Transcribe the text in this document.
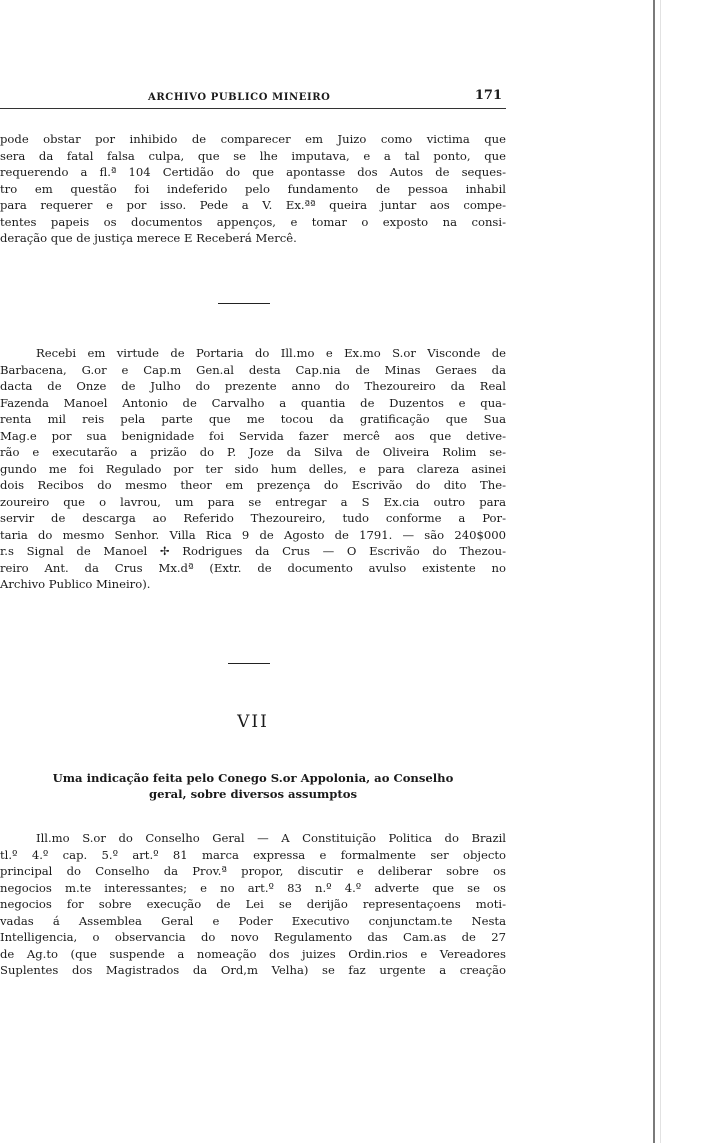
ARCHIVO PUBLICO MINEIRO	171
pode obstar por inhibido de comparecer em Juizo como victima que
sera da fatal falsa culpa, que se lhe imputava, e a tal ponto, que
requerendo a fl.ª 104 Certidão do que apontasse dos Autos de seques-
tro em questão foi indeferido pelo fundamento de pessoa inhabil
para requerer e por isso. Pede a V. Ex.ªª queira juntar aos compe-
tentes papeis os documentos appenços, e tomar o exposto na consi-
deração que de justiça merece E Receberá Mercê.
Recebi em virtude de Portaria do Ill.mo e Ex.mo S.or Visconde de
Barbacena, G.or e Cap.m Gen.al desta Cap.nia de Minas Geraes da
dacta de Onze de Julho do prezente anno do Thezoureiro da Real
Fazenda Manoel Antonio de Carvalho a quantia de Duzentos e qua-
renta mil reis pela parte que me tocou da gratificação que Sua
Mag.e por sua benignidade foi Servida fazer mercê aos que detive-
rão e executarão a prizão do P. Joze da Silva de Oliveira Rolim se-
gundo me foi Regulado por ter sido hum delles, e para clareza asinei
dois Recibos do mesmo theor em prezença do Escrivão do dito The-
zoureiro que o lavrou, um para se entregar a S Ex.cia outro para
servir de descarga ao Referido Thezoureiro, tudo conforme a Por-
taria do mesmo Senhor. Villa Rica 9 de Agosto de 1791. — são 240$000
r.s Signal de Manoel ✢ Rodrigues da Crus — O Escrivão do Thezou-
reiro Ant. da Crus Mx.dª (Extr. de documento avulso existente no
Archivo Publico Mineiro).
VII
Uma indicação feita pelo Conego S.or Appolonia, ao Conselho
geral, sobre diversos assumptos
Ill.mo S.or do Conselho Geral — A Constituição Politica do Brazil
tl.º 4.º cap. 5.º art.º 81 marca expressa e formalmente ser objecto
principal do Conselho da Prov.ª propor, discutir e deliberar sobre os
negocios m.te interessantes; e no art.º 83 n.º 4.º adverte que se os
negocios for sobre execução de Lei se derijão representaçoens moti-
vadas á Assemblea Geral e Poder Executivo conjunctam.te Nesta
Intelligencia, o observancia do novo Regulamento das Cam.as de 27
de Ag.to (que suspende a nomeação dos juizes Ordin.rios e Vereadores
Suplentes dos Magistrados da Ord,m Velha) se faz urgente a creação
